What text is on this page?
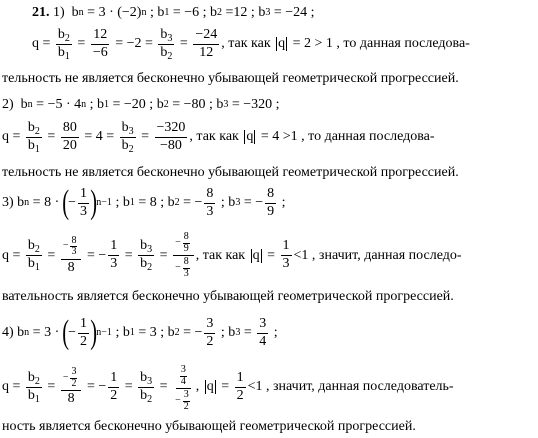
21. 1)  b n = 3 · (−2) n ; b 1 = −6 ; b 2 =12 ; b 3 = −24 ;
$q = \frac{b_2}{b_1} = \frac{12}{-6} = -2 = \frac{b_3}{b_2} = \frac{-24}{12}$ , так как q = 2 > 1 , то данная последова-
тельность не является бесконечно убывающей геометрической прогрессией.
2)  b n = −5 · 4 n ; b 1 = −20 ; b 2 = −80 ; b 3 = −320 ;
$q = \frac{b_2}{b_1} = \frac{80}{20} = 4 = \frac{b_3}{b_2} = \frac{-320}{-80}$ , так как q = 4 >1 , то данная последова-
тельность не является бесконечно убывающей геометрической прогрессией.
3) b n = 8 · ( − $\frac{1}{3}$ ) n−1 ; b 1 = 8 ; b 2 = − $\frac{8}{3}$ ; b 3 = − $\frac{8}{9}$ ;
$q = \frac{b_2}{b_1} = \frac{- \frac{8}{3}}{8}$ = − $\frac{1}{3} = \frac{b_3}{b_2} = \frac{- \frac{8}{9}}{- \frac{8}{3}}$ , так как $q = \frac{1}{3} <1$ , значит, данная последо-
вательность является бесконечно убывающей геометрической прогрессией.
4) b n = 3 · ( − $\frac{1}{2}$ ) n−1 ; b 1 = 3 ; b 2 = − $\frac{3}{2}$ ; b $3 = \frac{3}{4}$ ;
$q = \frac{b_2}{b_1} = \frac{- \frac{3}{2}}{8}$ = − $\frac{1}{2} = \frac{b_3}{b_2} = \frac{\frac{3}{4}}{- \frac{3}{2}}$ , $q = \frac{1}{2} <1$ , значит, данная последователь-
ность является бесконечно убывающей геометрической прогрессией.
